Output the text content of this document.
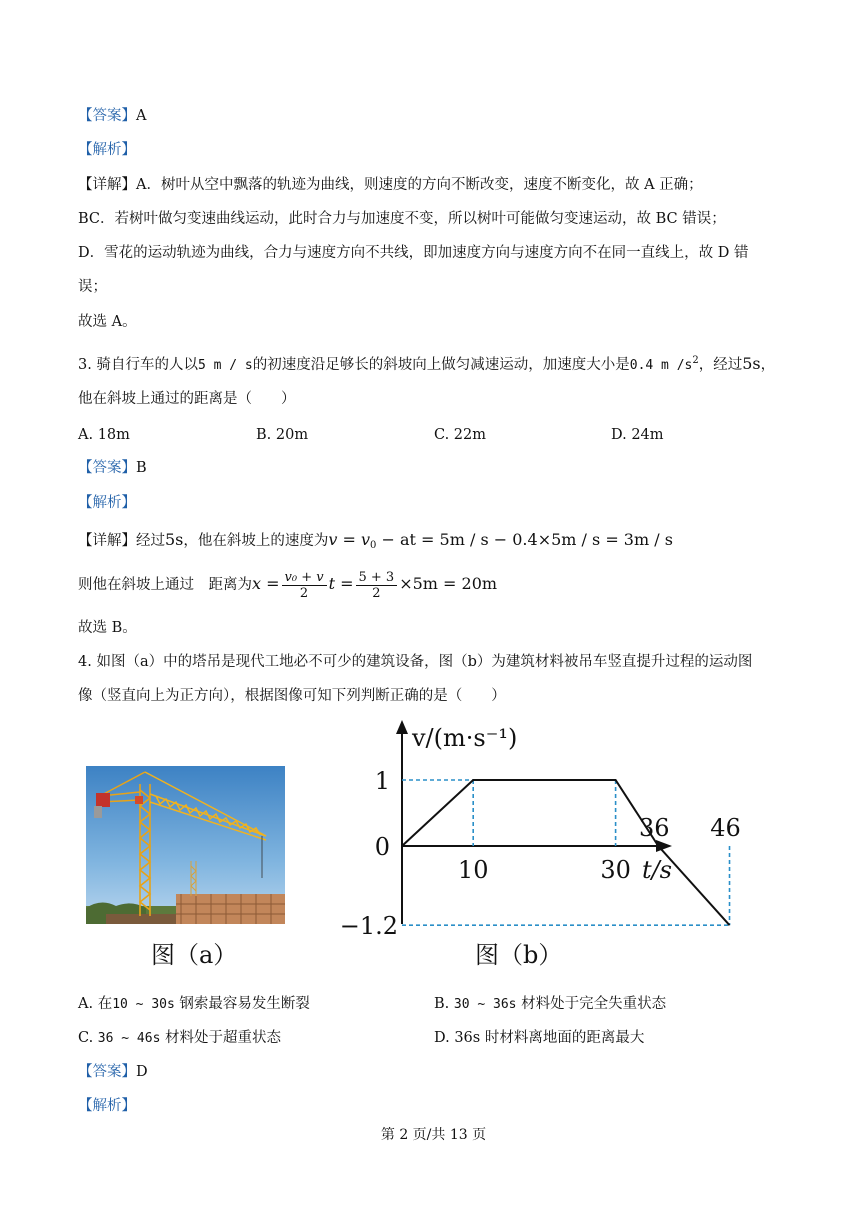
【答案】A
【解析】
【详解】A．树叶从空中飘落的轨迹为曲线，则速度的方向不断改变，速度不断变化，故 A 正确；
BC．若树叶做匀变速曲线运动，此时合力与加速度不变，所以树叶可能做匀变速运动，故 BC 错误；
D．雪花的运动轨迹为曲线，合力与速度方向不共线，即加速度方向与速度方向不在同一直线上，故 D 错
误；
故选 A。
3. 骑自行车的人以5 m / s的初速度沿足够长的斜坡向上做匀减速运动，加速度大小是0.4 m $/s^2$，经过5s，
他在斜坡上通过的距离是（　　）
A. 18m	B. 20m	C. 22m	D. 24m
【答案】B
【解析】
【详解】经过5s，他在斜坡上的速度为$v = v_0$ − at = 5m / s − 0.4×5m / s = 3m / s
则他在斜坡上通过　距离为$x = \frac{\text{v₀ + v}}{2}$ $t = \frac{5 + 3}{2} \times 5m = 20m$
故选 B。
4. 如图（a）中的塔吊是现代工地必不可少的建筑设备，图（b）为建筑材料被吊车竖直提升过程的运动图
像（竖直向上为正方向），根据图像可知下列判断正确的是（　　）
图（a）
1
0
−1.2
10	30
36 46
v/(m·s⁻¹)
t/s
图（b）
A. 在10 ~ 30s 钢索最容易发生断裂	B. 30 ~ 36s 材料处于完全失重状态
C. 36 ~ 46s 材料处于超重状态	D. 36s 时材料离地面的距离最大
【答案】D
【解析】
第 2 页/共 13 页
